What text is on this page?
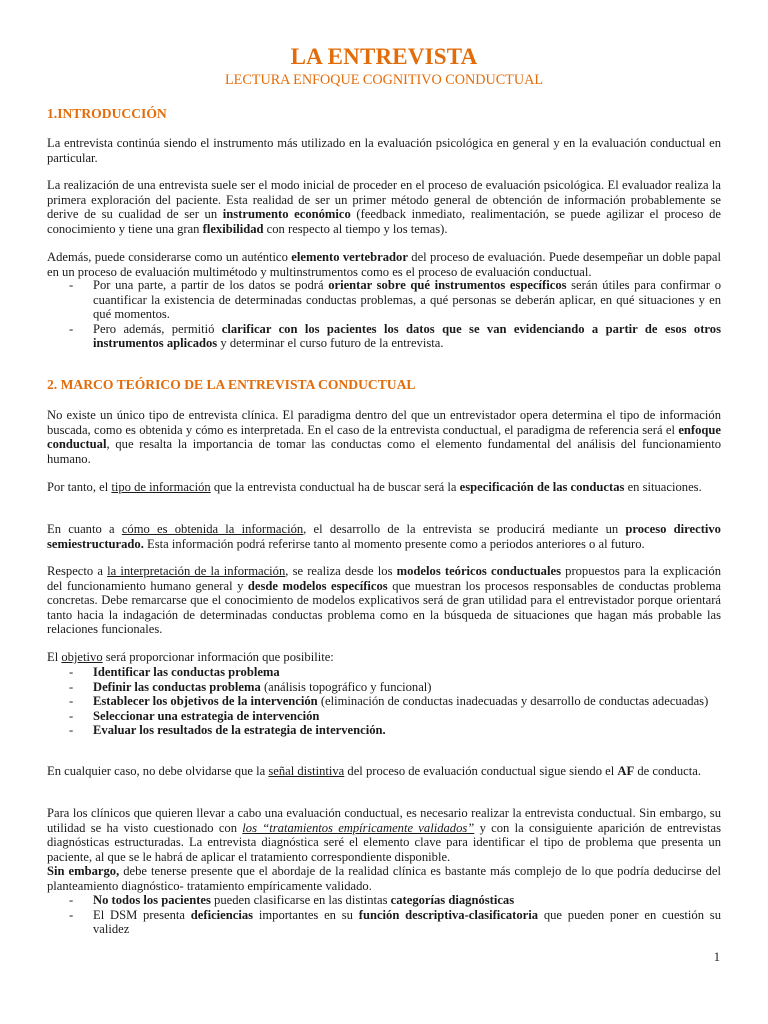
LA ENTREVISTA
LECTURA ENFOQUE COGNITIVO CONDUCTUAL
1.INTRODUCCIÓN

La entrevista continúa siendo el instrumento más utilizado en la evaluación psicológica en general y en la evaluación conductual en particular.

La realización de una entrevista suele ser el modo inicial de proceder en el proceso de evaluación psicológica. El evaluador realiza la primera exploración del paciente. Esta realidad de ser un primer método general de obtención de información probablemente se derive de su cualidad de ser un instrumento económico (feedback inmediato, realimentación, se puede agilizar el proceso de conocimiento y tiene una gran flexibilidad con respecto al tiempo y los temas).

Además, puede considerarse como un auténtico elemento vertebrador del proceso de evaluación. Puede desempeñar un doble papal en un proceso de evaluación multimétodo y multinstrumentos como es el proceso de evaluación conductual.

- Por una parte, a partir de los datos se podrá orientar sobre qué instrumentos específicos serán útiles para confirmar o cuantificar la existencia de determinadas conductas problemas, a qué personas se deberán aplicar, en qué situaciones y en qué momentos.
- Pero además, permitió clarificar con los pacientes los datos que se van evidenciando a partir de esos otros instrumentos aplicados y determinar el curso futuro de la entrevista.
2. MARCO TEÓRICO DE LA ENTREVISTA CONDUCTUAL

No existe un único tipo de entrevista clínica. El paradigma dentro del que un entrevistador opera determina el tipo de información buscada, como es obtenida y cómo es interpretada. En el caso de la entrevista conductual, el paradigma de referencia será el enfoque conductual, que resalta la importancia de tomar las conductas como el elemento fundamental del análisis del funcionamiento humano.

Por tanto, el tipo de información que la entrevista conductual ha de buscar será la especificación de las conductas en situaciones.

En cuanto a cómo es obtenida la información, el desarrollo de la entrevista se producirá mediante un proceso directivo semiestructurado. Esta información podrá referirse tanto al momento presente como a periodos anteriores o al futuro.

Respecto a la interpretación de la información, se realiza desde los modelos teóricos conductuales propuestos para la explicación del funcionamiento humano general y desde modelos específicos que muestran los procesos responsables de conductas problema concretas. Debe remarcarse que el conocimiento de modelos explicativos será de gran utilidad para el entrevistador porque orientará tanto hacia la indagación de determinadas conductas problema como en la búsqueda de situaciones que hagan más probable las relaciones funcionales.

El objetivo será proporcionar información que posibilite:

- Identificar las conductas problema
- Definir las conductas problema (análisis topográfico y funcional)
- Establecer los objetivos de la intervención (eliminación de conductas inadecuadas y desarrollo de conductas adecuadas)
- Seleccionar una estrategia de intervención
- Evaluar los resultados de la estrategia de intervención.

En cualquier caso, no debe olvidarse que la señal distintiva del proceso de evaluación conductual sigue siendo el AF de conducta.

Para los clínicos que quieren llevar a cabo una evaluación conductual, es necesario realizar la entrevista conductual. Sin embargo, su utilidad se ha visto cuestionado con los “tratamientos empíricamente validados” y con la consiguiente aparición de entrevistas diagnósticas estructuradas. La entrevista diagnóstica seré el elemento clave para identificar el tipo de problema que presenta un paciente, al que se le habrá de aplicar el tratamiento correspondiente disponible.

Sin embargo, debe tenerse presente que el abordaje de la realidad clínica es bastante más complejo de lo que podría deducirse del planteamiento diagnóstico- tratamiento empíricamente validado.

- No todos los pacientes pueden clasificarse en las distintas categorías diagnósticas
- El DSM presenta deficiencias importantes en su función descriptiva-clasificatoria que pueden poner en cuestión su validez
1
